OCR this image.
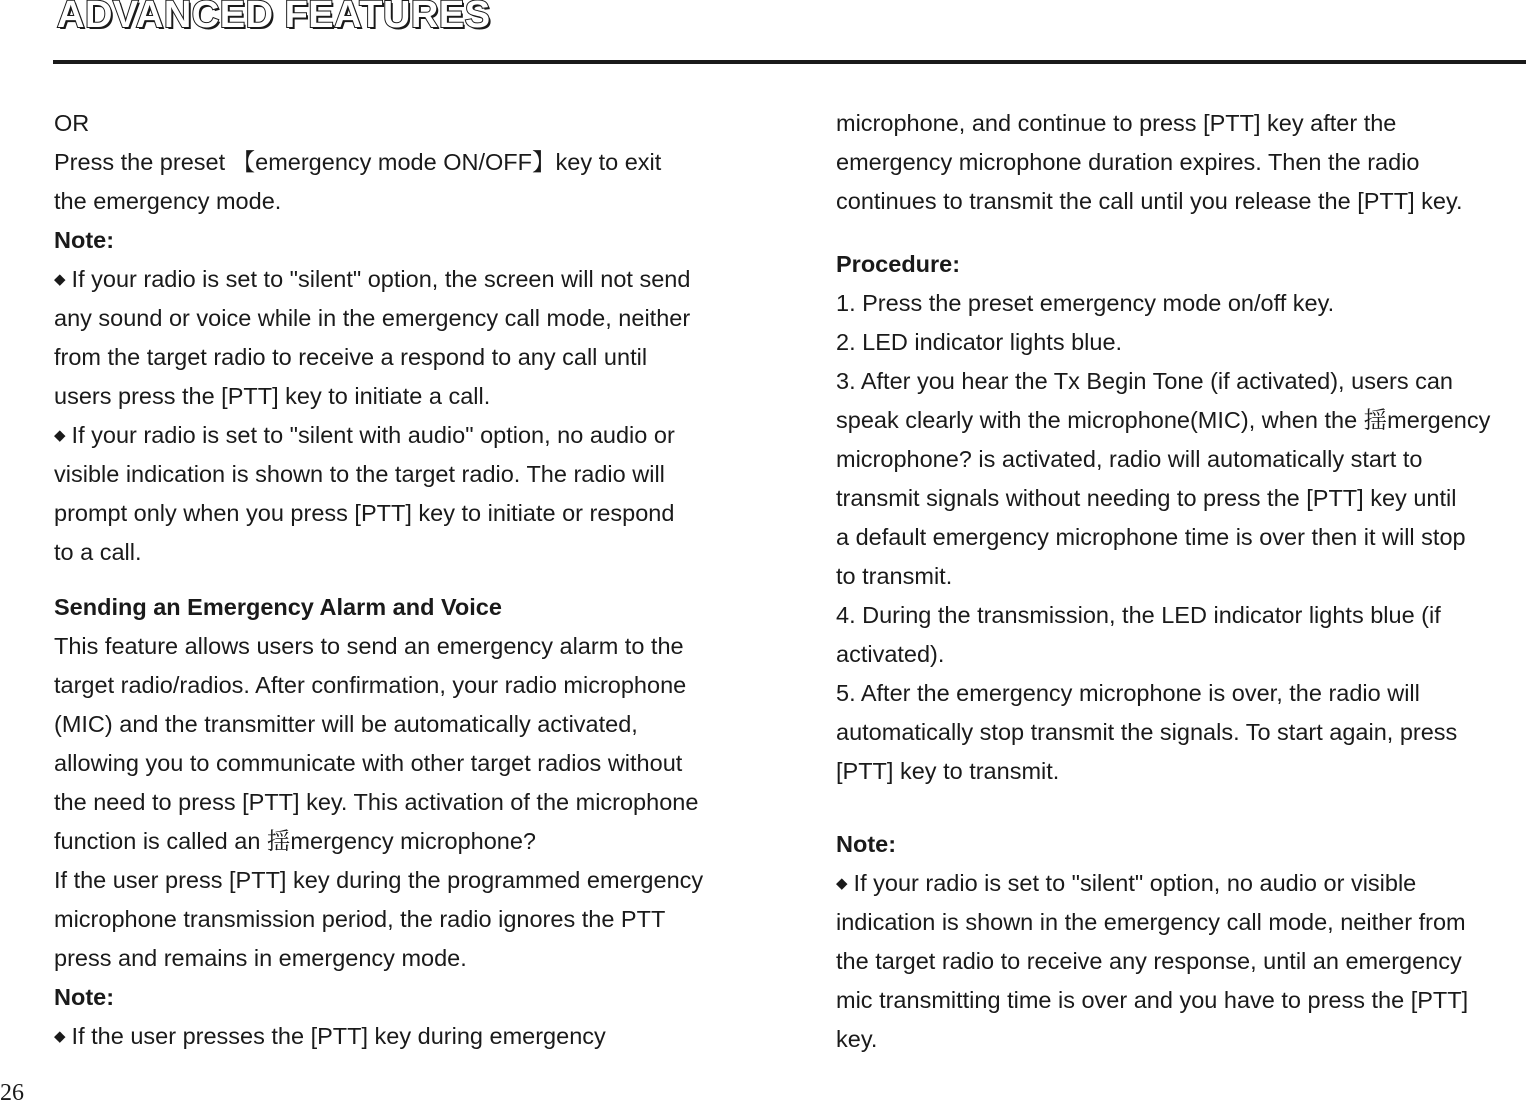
ADVANCED FEATURES
OR
Press the preset 【emergency mode ON/OFF】key to exit
the emergency mode.
Note:
◆ If your radio is set to "silent" option, the screen will not send
any sound or voice while in the emergency call mode, neither
from the target radio to receive a respond to any call until
users press the [PTT] key to initiate a call.
◆ If your radio is set to "silent with audio" option, no audio or
visible indication is shown to the target radio. The radio will
prompt only when you press [PTT] key to initiate or respond
to a call.
Sending an Emergency Alarm and Voice
This feature allows users to send an emergency alarm to the
target radio/radios. After confirmation, your radio microphone
(MIC) and the transmitter will be automatically activated,
allowing you to communicate with other target radios without
the need to press [PTT] key. This activation of the microphone
function is called an 揺mergency microphone?
If the user press [PTT] key during the programmed emergency
microphone transmission period, the radio ignores the PTT
press and remains in emergency mode.
Note:
◆ If the user presses the [PTT] key during emergency
microphone, and continue to press [PTT] key after the
emergency microphone duration expires. Then the radio
continues to transmit the call until you release the [PTT] key.
Procedure:
1. Press the preset emergency mode on/off key.
2. LED indicator lights blue.
3. After you hear the Tx Begin Tone (if activated), users can
speak clearly with the microphone(MIC), when the 揺mergency
microphone? is activated, radio will automatically start to
transmit signals without needing to press the [PTT] key until
a default emergency microphone time is over then it will stop
to transmit.
4. During the transmission, the LED indicator lights blue (if
activated).
5. After the emergency microphone is over, the radio will
automatically stop transmit the signals. To start again, press
[PTT] key to transmit.
Note:
◆ If your radio is set to "silent" option, no audio or visible
indication is shown in the emergency call mode, neither from
the target radio to receive any response, until an emergency
mic transmitting time is over and you have to press the [PTT]
key.
26
